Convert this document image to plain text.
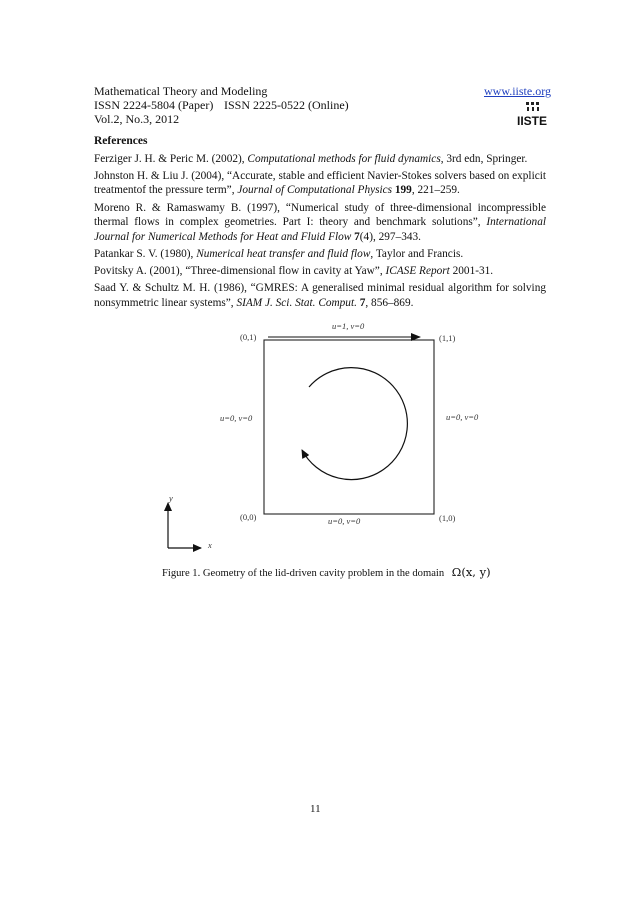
Mathematical Theory and Modeling	www.iiste.org
ISSN 2224-5804 (Paper) ISSN 2225-0522 (Online)
Vol.2, No.3, 2012	IISTE
References
Ferziger J. H. & Peric M. (2002), Computational methods for fluid dynamics, 3rd edn, Springer.
Johnston H. & Liu J. (2004), “Accurate, stable and efficient Navier-Stokes solvers based on explicit treatmentof the pressure term”, Journal of Computational Physics 199, 221–259.
Moreno R. & Ramaswamy B. (1997), “Numerical study of three-dimensional incompressible thermal flows in complex geometries. Part I: theory and benchmark solutions”, International Journal for Numerical Methods for Heat and Fluid Flow 7(4), 297–343.
Patankar S. V. (1980), Numerical heat transfer and fluid flow, Taylor and Francis.
Povitsky A. (2001), “Three-dimensional flow in cavity at Yaw”, ICASE Report 2001-31.
Saad Y. & Schultz M. H. (1986), “GMRES: A generalised minimal residual algorithm for solving nonsymmetric linear systems”, SIAM J. Sci. Stat. Comput. 7, 856–869.
(0,1)	(1,1)
(0,0)	(1,0)
u=1, v=0
u=0, v=0	u=0, v=0
u=0, v=0
y
x
Figure 1. Geometry of the lid-driven cavity problem in the domain Ω(x, y)
11
